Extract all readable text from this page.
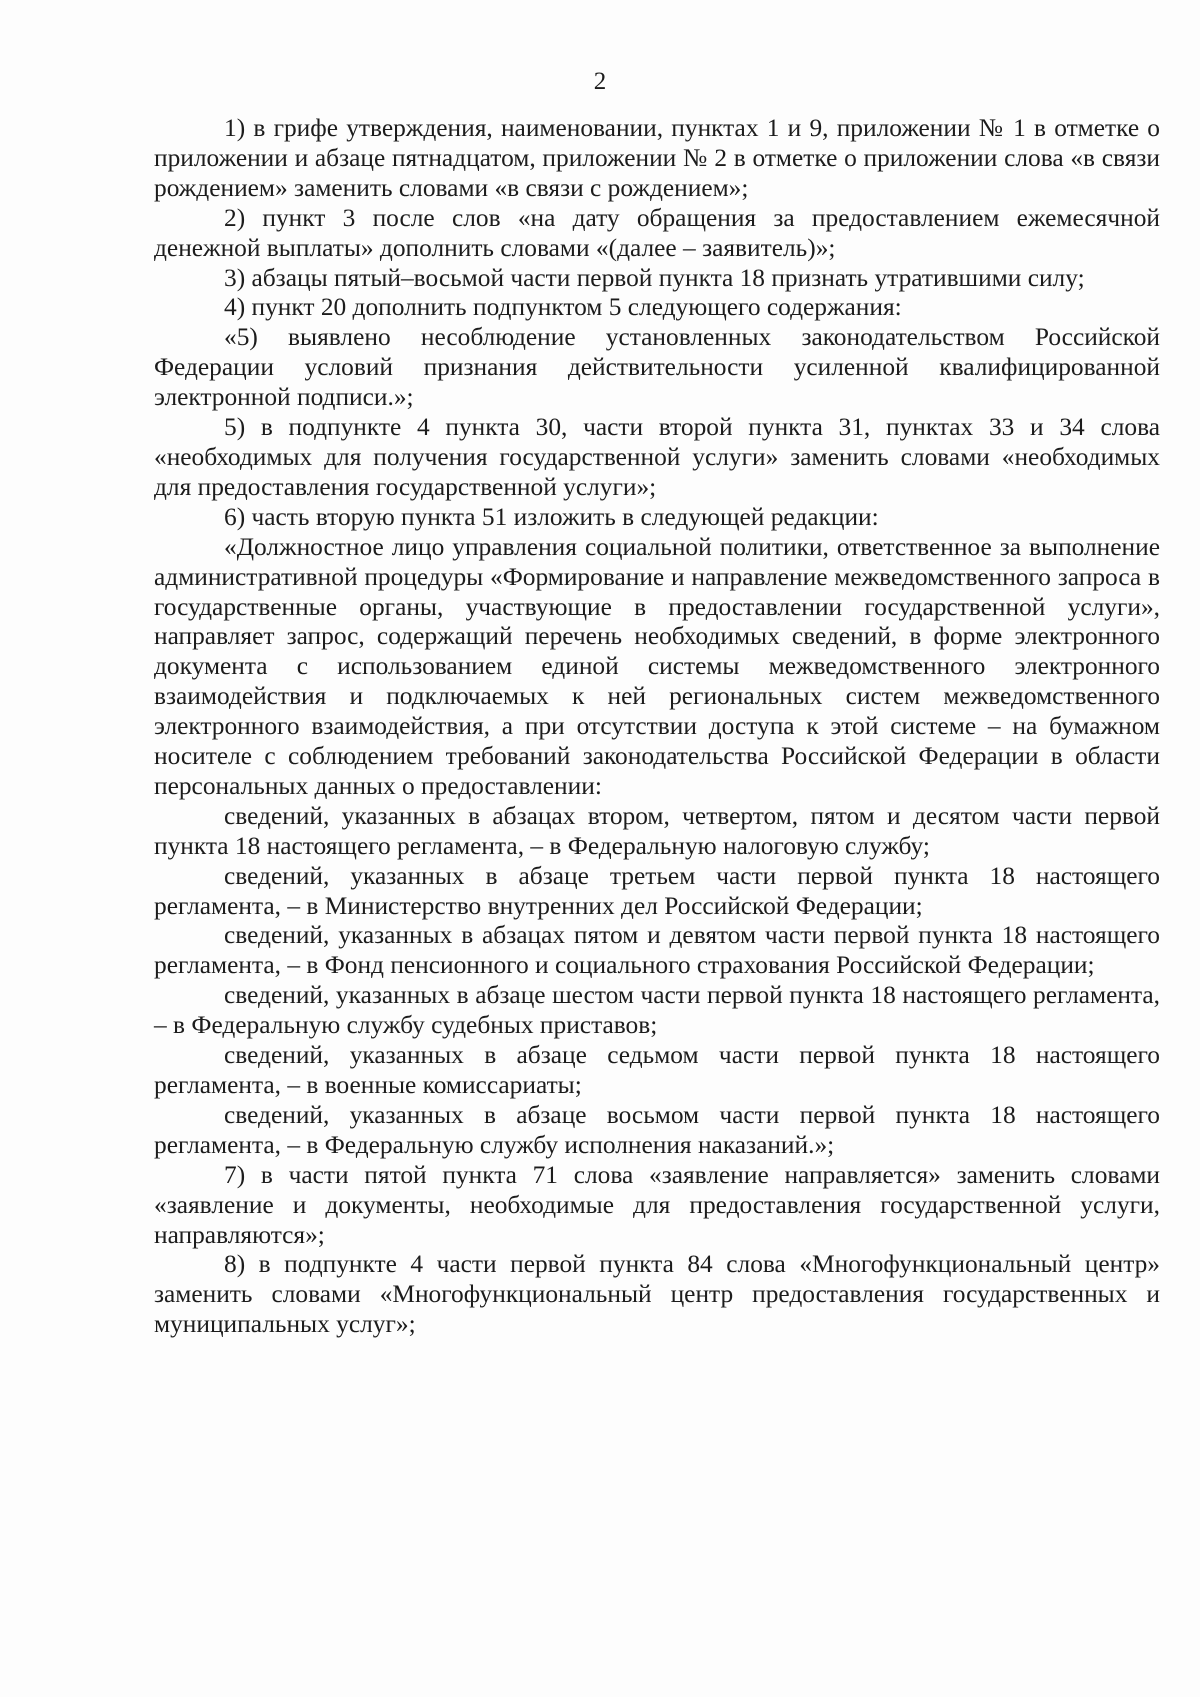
2

1) в грифе утверждения, наименовании, пунктах 1 и 9, приложении № 1 в отметке о приложении и абзаце пятнадцатом, приложении № 2 в отметке о приложении слова «в связи рождением» заменить словами «в связи с рождением»;

2) пункт 3 после слов «на дату обращения за предоставлением ежемесячной денежной выплаты» дополнить словами «(далее – заявитель)»;

3) абзацы пятый–восьмой части первой пункта 18 признать утратившими силу;

4) пункт 20 дополнить подпунктом 5 следующего содержания:

«5) выявлено несоблюдение установленных законодательством Российской Федерации условий признания действительности усиленной квалифицированной электронной подписи.»;

5) в подпункте 4 пункта 30, части второй пункта 31, пунктах 33 и 34 слова «необходимых для получения государственной услуги» заменить словами «необходимых для предоставления государственной услуги»;

6) часть вторую пункта 51 изложить в следующей редакции:

«Должностное лицо управления социальной политики, ответственное за выполнение административной процедуры «Формирование и направление межведомственного запроса в государственные органы, участвующие в предоставлении государственной услуги», направляет запрос, содержащий перечень необходимых сведений, в форме электронного документа с использованием единой системы межведомственного электронного взаимодействия и подключаемых к ней региональных систем межведомственного электронного взаимодействия, а при отсутствии доступа к этой системе – на бумажном носителе с соблюдением требований законодательства Российской Федерации в области персональных данных о предоставлении:

сведений, указанных в абзацах втором, четвертом, пятом и десятом части первой пункта 18 настоящего регламента, – в Федеральную налоговую службу;

сведений, указанных в абзаце третьем части первой пункта 18 настоящего регламента, – в Министерство внутренних дел Российской Федерации;

сведений, указанных в абзацах пятом и девятом части первой пункта 18 настоящего регламента, – в Фонд пенсионного и социального страхования Российской Федерации;

сведений, указанных в абзаце шестом части первой пункта 18 настоящего регламента, – в Федеральную службу судебных приставов;

сведений, указанных в абзаце седьмом части первой пункта 18 настоящего регламента, – в военные комиссариаты;

сведений, указанных в абзаце восьмом части первой пункта 18 настоящего регламента, – в Федеральную службу исполнения наказаний.»;

7) в части пятой пункта 71 слова «заявление направляется» заменить словами «заявление и документы, необходимые для предоставления государственной услуги, направляются»;

8) в подпункте 4 части первой пункта 84 слова «Многофункциональный центр» заменить словами «Многофункциональный центр предоставления государственных и муниципальных услуг»;
